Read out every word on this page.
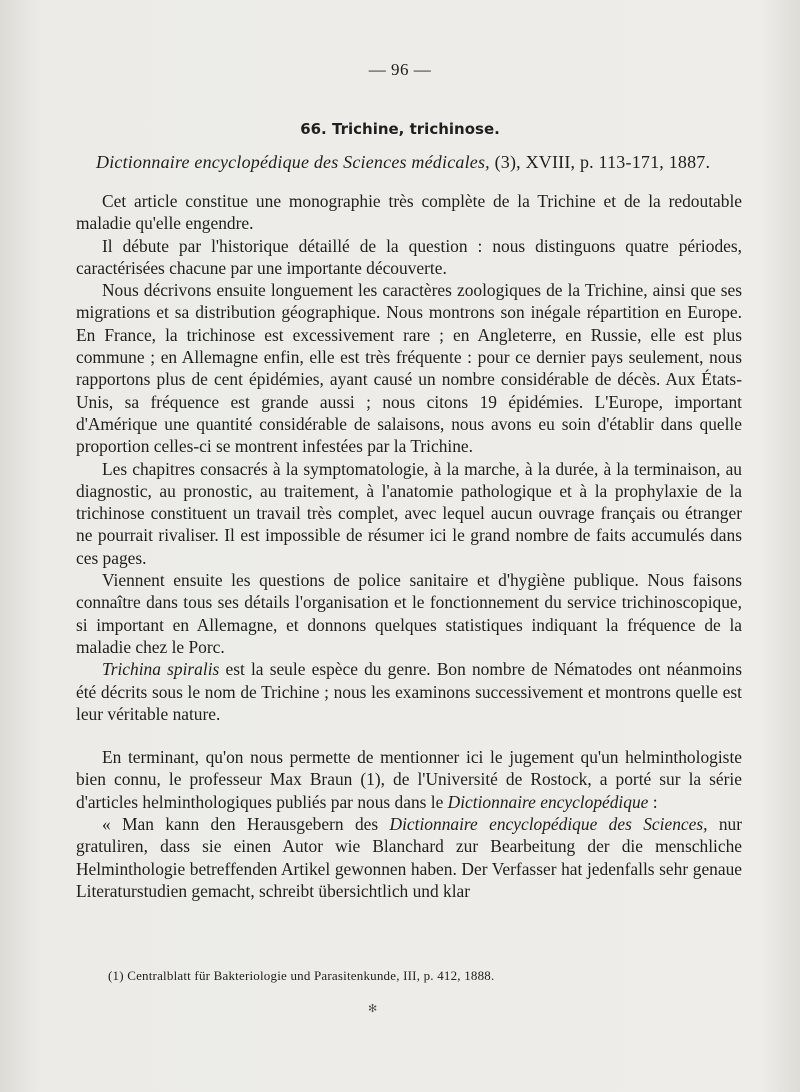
— 96 —
66. Trichine, trichinose.
Dictionnaire encyclopédique des Sciences médicales, (3), XVIII, p. 113-171, 1887.

Cet article constitue une monographie très complète de la Trichine et de la redoutable maladie qu'elle engendre.

Il débute par l'historique détaillé de la question : nous distinguons quatre périodes, caractérisées chacune par une importante découverte.

Nous décrivons ensuite longuement les caractères zoologiques de la Trichine, ainsi que ses migrations et sa distribution géographique. Nous montrons son inégale répartition en Europe. En France, la trichinose est excessivement rare ; en Angleterre, en Russie, elle est plus commune ; en Allemagne enfin, elle est très fréquente : pour ce dernier pays seulement, nous rapportons plus de cent épidémies, ayant causé un nombre considérable de décès. Aux États-Unis, sa fréquence est grande aussi ; nous citons 19 épidémies. L'Europe, important d'Amérique une quantité considérable de salaisons, nous avons eu soin d'établir dans quelle proportion celles-ci se montrent infestées par la Trichine.

Les chapitres consacrés à la symptomatologie, à la marche, à la durée, à la terminaison, au diagnostic, au pronostic, au traitement, à l'anatomie pathologique et à la prophylaxie de la trichinose constituent un travail très complet, avec lequel aucun ouvrage français ou étranger ne pourrait rivaliser. Il est impossible de résumer ici le grand nombre de faits accumulés dans ces pages.

Viennent ensuite les questions de police sanitaire et d'hygiène publique. Nous faisons connaître dans tous ses détails l'organisation et le fonctionnement du service trichinoscopique, si important en Allemagne, et donnons quelques statistiques indiquant la fréquence de la maladie chez le Porc.

Trichina spiralis est la seule espèce du genre. Bon nombre de Nématodes ont néanmoins été décrits sous le nom de Trichine ; nous les examinons successivement et montrons quelle est leur véritable nature.

En terminant, qu'on nous permette de mentionner ici le jugement qu'un helminthologiste bien connu, le professeur Max Braun (1), de l'Université de Rostock, a porté sur la série d'articles helminthologiques publiés par nous dans le Dictionnaire encyclopédique :

« Man kann den Herausgebern des Dictionnaire encyclopédique des Sciences, nur gratuliren, dass sie einen Autor wie Blanchard zur Bearbeitung der die menschliche Helminthologie betreffenden Artikel gewonnen haben. Der Verfasser hat jedenfalls sehr genaue Literaturstudien gemacht, schreibt übersichtlich und klar

(1) Centralblatt für Bakteriologie und Parasitenkunde, III, p. 412, 1888.
✻
